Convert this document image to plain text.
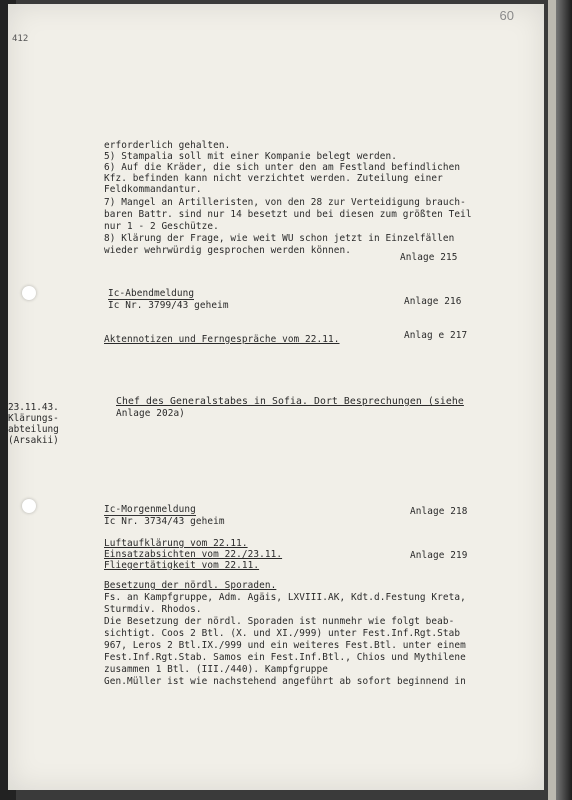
60
412
erforderlich gehalten.
5) Stampalia soll mit einer Kompanie belegt werden.
6) Auf die Kräder, die sich unter den am Festland befindlichen
Kfz. befinden kann nicht verzichtet werden. Zuteilung einer
Feldkommandantur.
7) Mangel an Artilleristen, von den 28 zur Verteidigung brauch-
baren Battr. sind nur 14 besetzt und bei diesen zum größten Teil
nur 1 - 2 Geschütze.
8) Klärung der Frage, wie weit WU schon jetzt in Einzelfällen
wieder wehrwürdig gesprochen werden können.
Anlage 215
Ic-Abendmeldung
Ic Nr. 3799/43 geheim	Anlage 216
Aktennotizen und Ferngespräche vom 22.11.	Anlag e 217
23.11.43.
Klärungs-
abteilung
(Arsakii)
Chef des Generalstabes in Sofia. Dort Besprechungen (siehe
Anlage 202a)
Ic-Morgenmeldung
Ic Nr. 3734/43 geheim
Anlage 218
Luftaufklärung vom 22.11.
Einsatzabsichten vom 22./23.11.
Fliegertätigkeit vom 22.11.
Anlage 219
Besetzung der nördl. Sporaden.
Fs. an Kampfgruppe, Adm. Agäis, LXVIII.AK, Kdt.d.Festung Kreta,
Sturmdiv. Rhodos.
Die Besetzung der nördl. Sporaden ist nunmehr wie folgt beab-
sichtigt. Coos 2 Btl. (X. und XI./999) unter Fest.Inf.Rgt.Stab
967, Leros 2 Btl.IX./999 und ein weiteres Fest.Btl. unter einem
Fest.Inf.Rgt.Stab. Samos ein Fest.Inf.Btl., Chios und Mythilene
zusammen 1 Btl. (III./440). Kampfgruppe
Gen.Müller ist wie nachstehend angeführt ab sofort beginnend in
